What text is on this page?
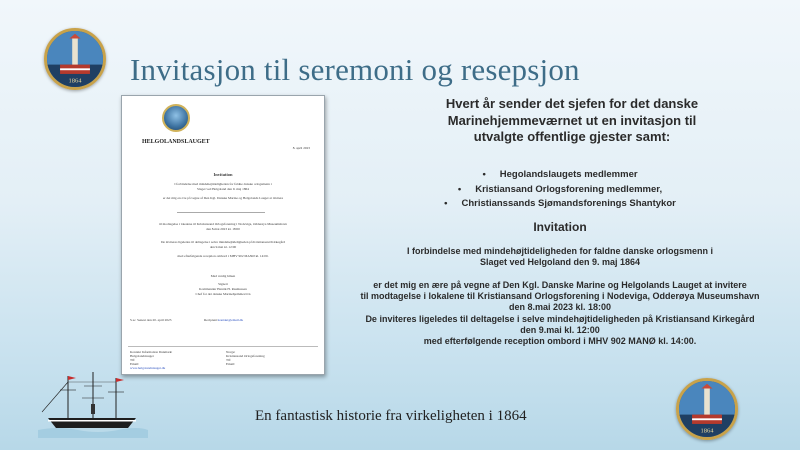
1864 Invitasjon til seremoni og resepsjon
HELGOLANDSLAUGET
8. april 2023
Invitation
I forbindelse med mindehøjtideligheden for faldne danske orlogsmenn i
Slaget ved Helgoland den 9. maj 1864
er det mig en ære på vegne af Den Kgl. Danske Marine og Helgolands Lauget at invitere
til modtagelse i lokalene til Kristiansand Orlogsforening i Nodeviga, Odderøya Museumshavn
den 8.mai 2023 kl. 18:00
De inviteres ligeledes til deltagelse i selve mindehøjtideligheden på Kristiansand Kirkegård
den 9.mai kl. 12:00
med efterfølgende reception ombord i MHV 902 MANØ kl. 14:00.
Med venlig hilsen
Signert
Kommandør Henrik H. Rasmussen
Chef for det danske Marinehjemmeværn
S.u.: Senest den 20. april 2023	Recipient: kontakt@email.dk
Kontakt Information Danmark:
Helgolandslauget
Tlf:
Email:
www.helgolandslauget.dk
Norge:
Kristiansand Orlogsforening
Tlf:
Email:
Hvert år sender det sjefen for det danske
Marinehjemmeværnet ut en invitasjon til
utvalgte offentlige gjester samt:
• Hegolandslaugets medlemmer
• Kristiansand Orlogsforening medlemmer,
• Christianssands Sjømandsforenings Shantykor
Invitation
I forbindelse med mindehøjtideligheden for faldne danske orlogsmenn i
Slaget ved Helgoland den 9. maj 1864
er det mig en ære på vegne af Den Kgl. Danske Marine og Helgolands Lauget at invitere
til modtagelse i lokalene til Kristiansand Orlogsforening i Nodeviga, Odderøya Museumshavn
den 8.mai 2023 kl. 18:00
De inviteres ligeledes til deltagelse i selve mindehøjtideligheden på Kristiansand Kirkegård
den 9.mai kl. 12:00
med efterfølgende reception ombord i MHV 902 MANØ kl. 14:00.
1864
En fantastisk historie fra virkeligheten i 1864
